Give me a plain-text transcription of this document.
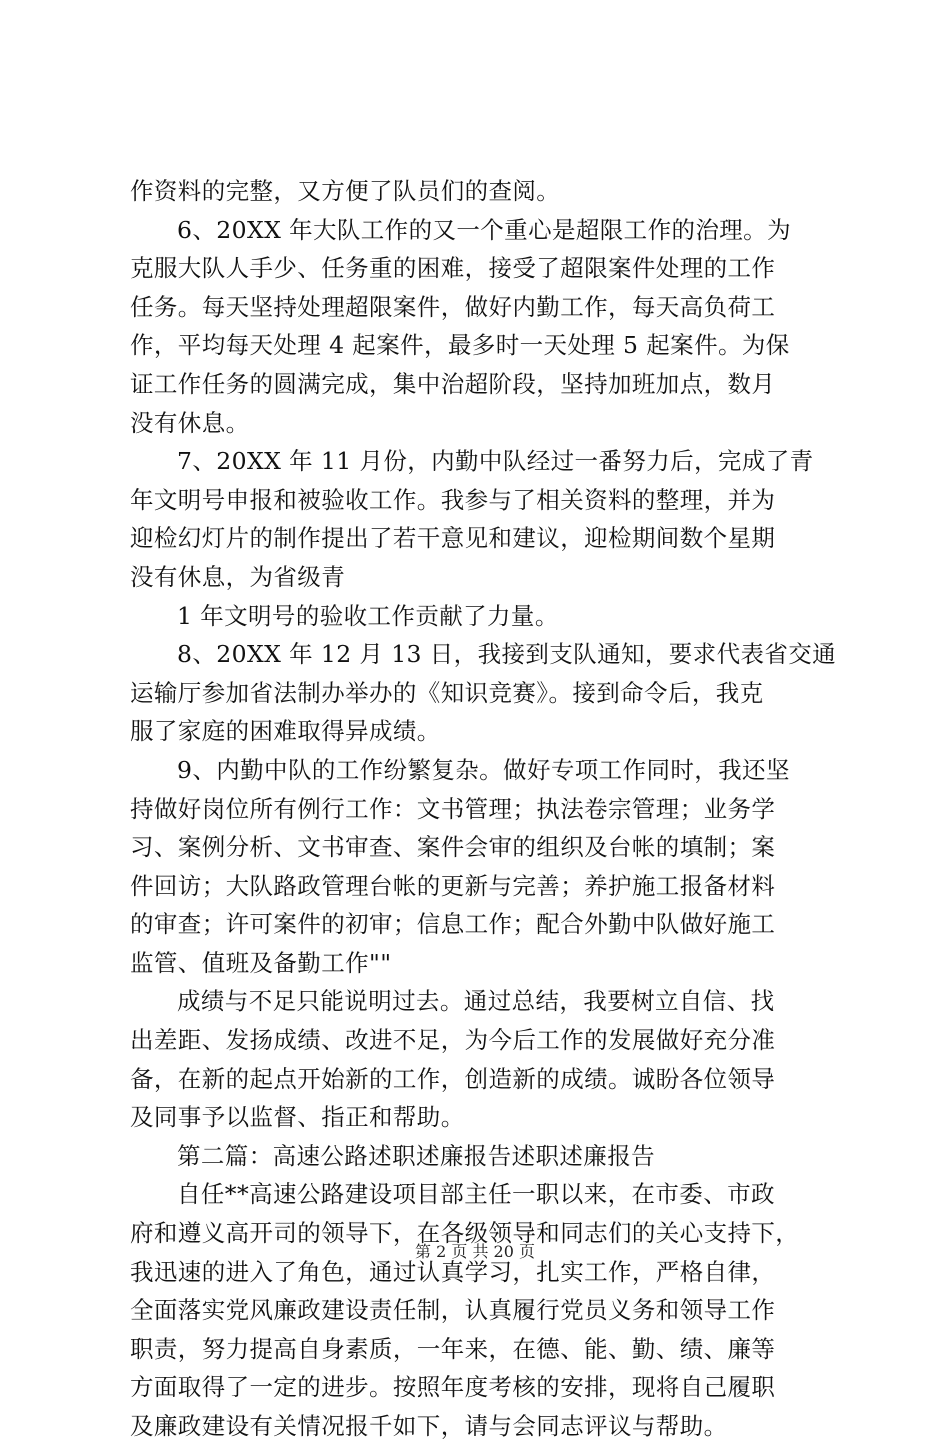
作资料的完整，又方便了队员们的查阅。
6、20XX 年大队工作的又一个重心是超限工作的治理。为
克服大队人手少、任务重的困难，接受了超限案件处理的工作
任务。每天坚持处理超限案件，做好内勤工作，每天高负荷工
作，平均每天处理 4 起案件，最多时一天处理 5 起案件。为保
证工作任务的圆满完成，集中治超阶段，坚持加班加点，数月
没有休息。
7、20XX 年 11 月份，内勤中队经过一番努力后，完成了青
年文明号申报和被验收工作。我参与了相关资料的整理，并为
迎检幻灯片的制作提出了若干意见和建议，迎检期间数个星期
没有休息，为省级青
1 年文明号的验收工作贡献了力量。
8、20XX 年 12 月 13 日，我接到支队通知，要求代表省交通
运输厅参加省法制办举办的《知识竞赛》。接到命令后，我克
服了家庭的困难取得异成绩。
9、内勤中队的工作纷繁复杂。做好专项工作同时，我还坚
持做好岗位所有例行工作：文书管理；执法卷宗管理；业务学
习、案例分析、文书审查、案件会审的组织及台帐的填制；案
件回访；大队路政管理台帐的更新与完善；养护施工报备材料
的审查；许可案件的初审；信息工作；配合外勤中队做好施工
监管、值班及备勤工作""
成绩与不足只能说明过去。通过总结，我要树立自信、找
出差距、发扬成绩、改进不足，为今后工作的发展做好充分准
备，在新的起点开始新的工作，创造新的成绩。诚盼各位领导
及同事予以监督、指正和帮助。
第二篇：高速公路述职述廉报告述职述廉报告
自任**高速公路建设项目部主任一职以来，在市委、市政
府和遵义高开司的领导下，在各级领导和同志们的关心支持下，
我迅速的进入了角色，通过认真学习，扎实工作，严格自律，
全面落实党风廉政建设责任制，认真履行党员义务和领导工作
职责，努力提高自身素质，一年来，在德、能、勤、绩、廉等
方面取得了一定的进步。按照年度考核的安排，现将自己履职
及廉政建设有关情况报千如下，请与会同志评议与帮助。
第 2 页 共 20 页
